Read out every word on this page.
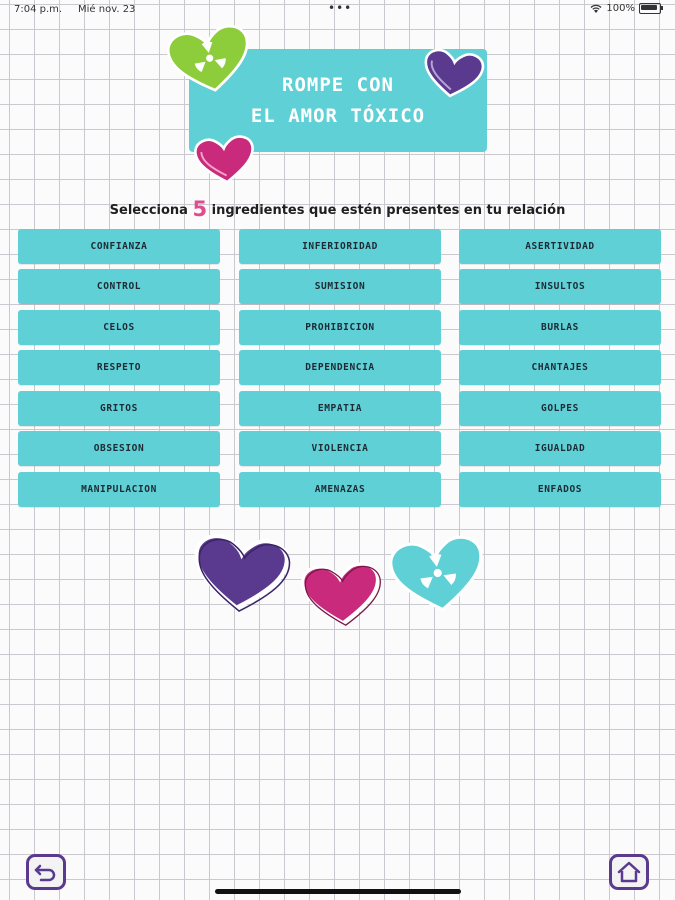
7:04 p.m. Mié nov. 23	•••	100%
ROMPE CON
EL AMOR TÓXICO
Selecciona 5 ingredientes que estén presentes en tu relación
CONFIANZA
CONTROL
CELOS
RESPETO
GRITOS
OBSESION
MANIPULACION
INFERIORIDAD
SUMISION
PROHIBICION
DEPENDENCIA
EMPATIA
VIOLENCIA
AMENAZAS
ASERTIVIDAD
INSULTOS
BURLAS
CHANTAJES
GOLPES
IGUALDAD
ENFADOS
